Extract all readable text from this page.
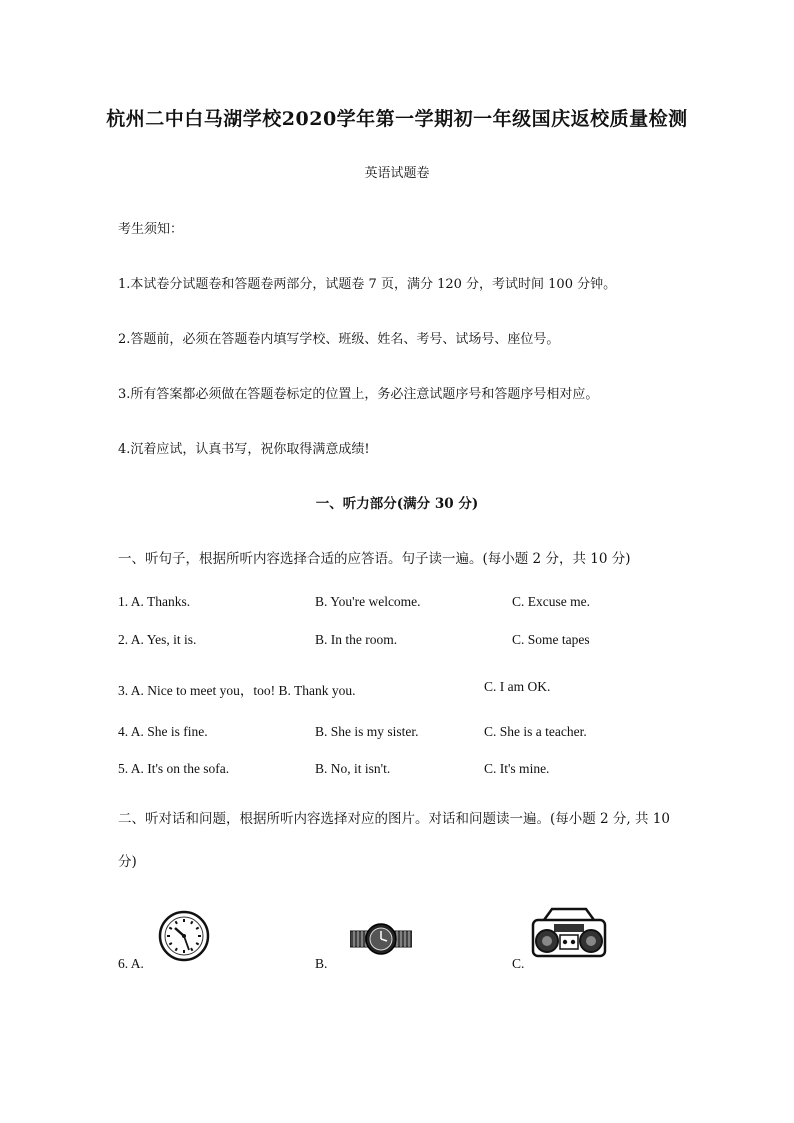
杭州二中白马湖学校2020学年第一学期初一年级国庆返校质量检测
英语试题卷
考生须知：
1.本试卷分试题卷和答题卷两部分，试题卷 7 页，满分 120 分，考试时间 100 分钟。
2.答题前，必须在答题卷内填写学校、班级、姓名、考号、试场号、座位号。
3.所有答案都必须做在答题卷标定的位置上，务必注意试题序号和答题序号相对应。
4.沉着应试，认真书写，祝你取得满意成绩!
一、听力部分(满分 30 分)
一、听句子，根据所听内容选择合适的应答语。句子读一遍。(每小题 2 分，共 10 分)
1. A. Thanks.	B. You're welcome.	C. Excuse me.
2. A. Yes, it is.	B. In the room.	C. Some tapes
3. A. Nice to meet you，too! B. Thank you.	C. I am OK.
4. A. She is fine.	B. She is my sister.	C. She is a teacher.
5. A. It's on the sofa.	B. No, it isn't.	C. It's mine.
二、听对话和问题，根据所听内容选择对应的图片。对话和问题读一遍。(每小题 2 分, 共 10
分)
6. A.	B.	C.
